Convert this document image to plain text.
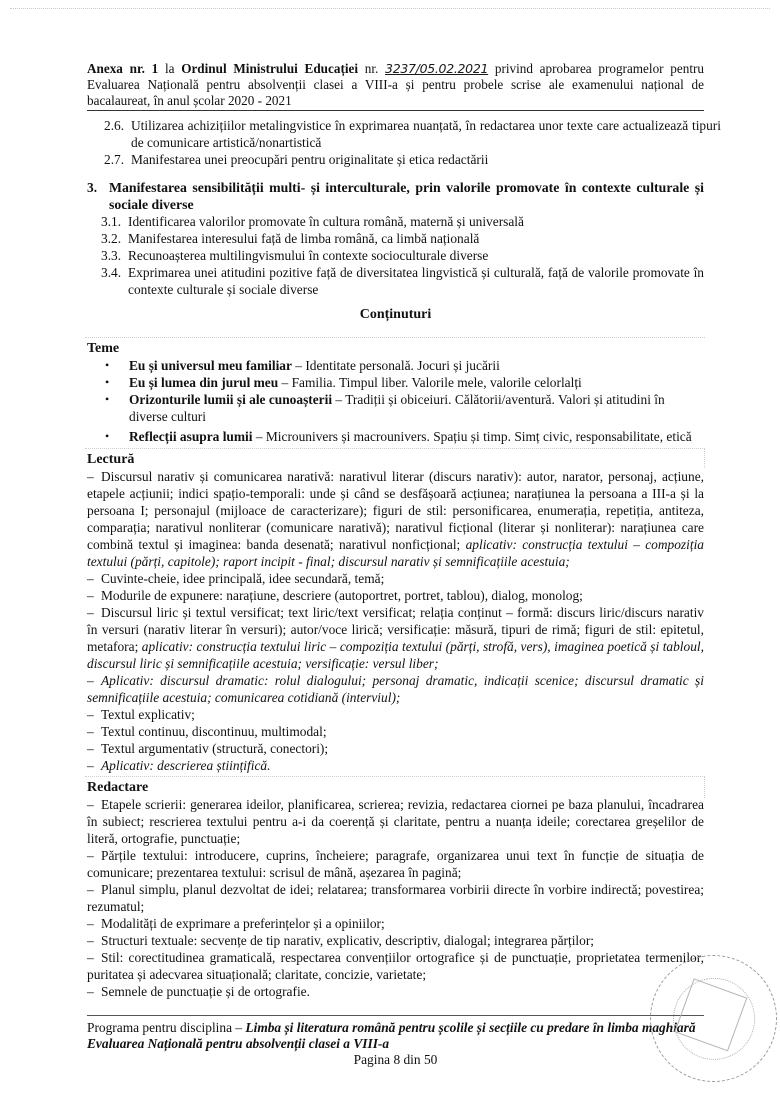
Anexa nr. 1 la Ordinul Ministrului Educației nr. 3237/05.02.2021 privind aprobarea programelor pentru Evaluarea Națională pentru absolvenții clasei a VIII-a și pentru probele scrise ale examenului național de bacalaureat, în anul școlar 2020 - 2021
2.6. Utilizarea achizițiilor metalingvistice în exprimarea nuanțată, în redactarea unor texte care actualizează tipuri de comunicare artistică/nonartistică
2.7. Manifestarea unei preocupări pentru originalitate și etica redactării
3. Manifestarea sensibilității multi- și interculturale, prin valorile promovate în contexte culturale și sociale diverse
3.1. Identificarea valorilor promovate în cultura română, maternă și universală
3.2. Manifestarea interesului față de limba română, ca limbă națională
3.3. Recunoașterea multilingvismului în contexte socioculturale diverse
3.4. Exprimarea unei atitudini pozitive față de diversitatea lingvistică și culturală, față de valorile promovate în contexte culturale și sociale diverse
Conținuturi
Teme
•	Eu și universul meu familiar – Identitate personală. Jocuri și jucării
•	Eu și lumea din jurul meu – Familia. Timpul liber. Valorile mele, valorile celorlalți
•	Orizonturile lumii și ale cunoașterii – Tradiții și obiceiuri. Călătorii/aventură. Valori și atitudini în diverse culturi
•	Reflecții asupra lumii – Microunivers și macrounivers. Spațiu și timp. Simț civic, responsabilitate, etică
Lectură
– Discursul narativ și comunicarea narativă: narativul literar (discurs narativ): autor, narator, personaj, acțiune, etapele acțiunii; indici spațio-temporali: unde și când se desfășoară acțiunea; narațiunea la persoana a III-a și la persoana I; personajul (mijloace de caracterizare); figuri de stil: personificarea, enumerația, repetiția, antiteza, comparația; narativul nonliterar (comunicare narativă); narativul ficțional (literar și nonliterar): narațiunea care combină textul și imaginea: banda desenată; narativul nonficțional; aplicativ: construcția textului – compoziția textului (părți, capitole); raport incipit - final; discursul narativ și semnificațiile acestuia;
– Cuvinte-cheie, idee principală, idee secundară, temă;
– Modurile de expunere: narațiune, descriere (autoportret, portret, tablou), dialog, monolog;
– Discursul liric și textul versificat; text liric/text versificat; relația conținut – formă: discurs liric/discurs narativ în versuri (narativ literar în versuri); autor/voce lirică; versificație: măsură, tipuri de rimă; figuri de stil: epitetul, metafora; aplicativ: construcția textului liric – compoziția textului (părți, strofă, vers), imaginea poetică și tabloul, discursul liric și semnificațiile acestuia; versificație: versul liber;
– Aplicativ: discursul dramatic: rolul dialogului; personaj dramatic, indicații scenice; discursul dramatic și semnificațiile acestuia; comunicarea cotidiană (interviul);
– Textul explicativ;
– Textul continuu, discontinuu, multimodal;
– Textul argumentativ (structură, conectori);
– Aplicativ: descrierea științifică.
Redactare
– Etapele scrierii: generarea ideilor, planificarea, scrierea; revizia, redactarea ciornei pe baza planului, încadrarea în subiect; rescrierea textului pentru a-i da coerență și claritate, pentru a nuanța ideile; corectarea greșelilor de literă, ortografie, punctuație;
– Părțile textului: introducere, cuprins, încheiere; paragrafe, organizarea unui text în funcție de situația de comunicare; prezentarea textului: scrisul de mână, așezarea în pagină;
– Planul simplu, planul dezvoltat de idei; relatarea; transformarea vorbirii directe în vorbire indirectă; povestirea; rezumatul;
– Modalități de exprimare a preferințelor și a opiniilor;
– Structuri textuale: secvențe de tip narativ, explicativ, descriptiv, dialogal; integrarea părților;
– Stil: corectitudinea gramaticală, respectarea convențiilor ortografice și de punctuație, proprietatea termenilor, puritatea și adecvarea situațională; claritate, concizie, varietate;
– Semnele de punctuație și de ortografie.
Programa pentru disciplina – Limba și literatura română pentru școlile și secțiile cu predare în limba maghiară
Evaluarea Națională pentru absolvenții clasei a VIII-a
Pagina 8 din 50
